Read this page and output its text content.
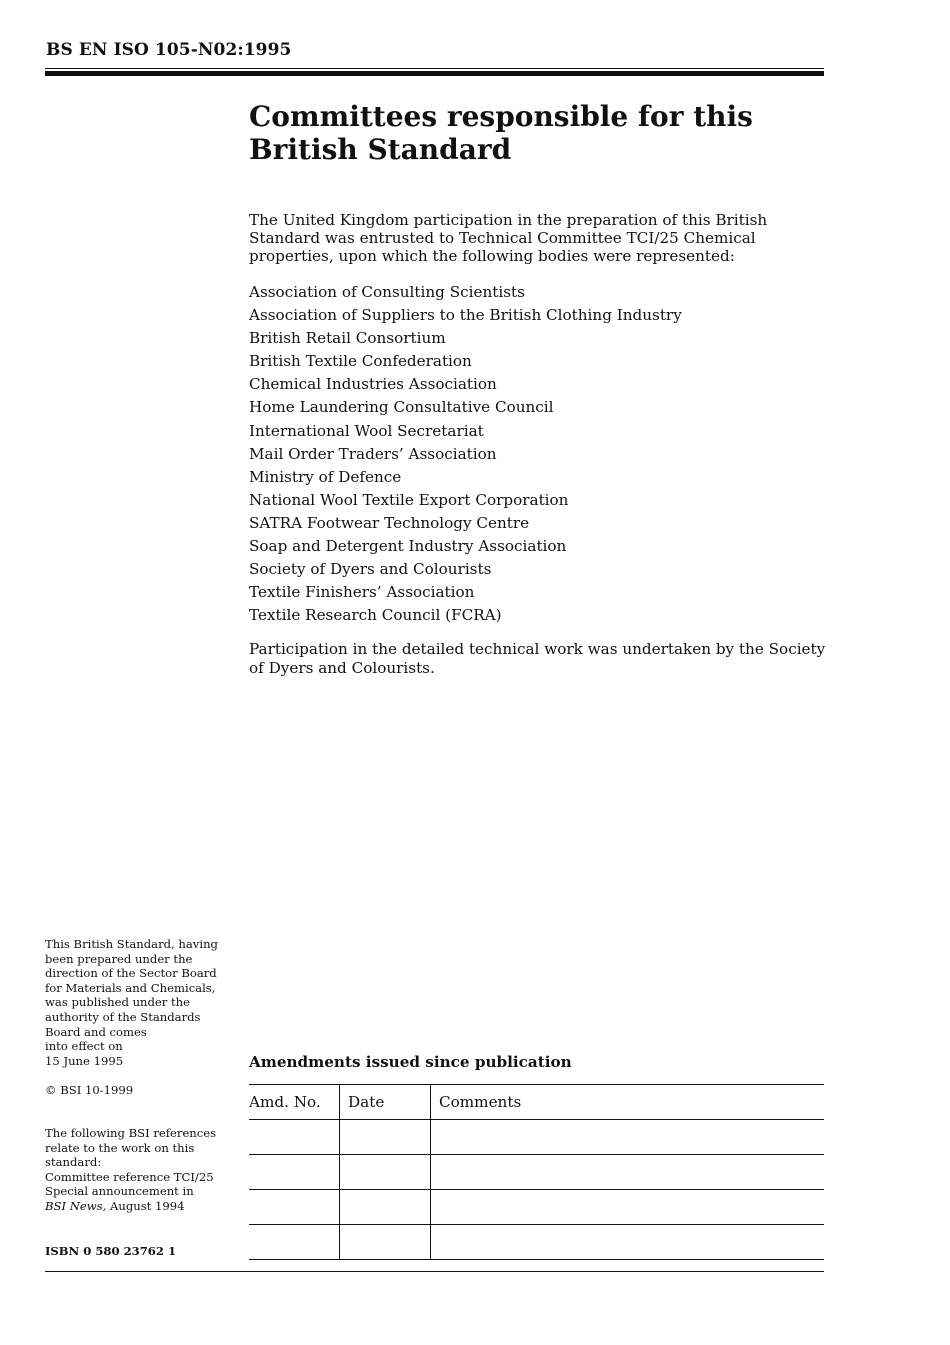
BS EN ISO 105-N02:1995
Committees responsible for this
British Standard

The United Kingdom participation in the preparation of this British Standard was entrusted to Technical Committee TCI/25 Chemical properties, upon which the following bodies were represented:

Association of Consulting Scientists
Association of Suppliers to the British Clothing Industry
British Retail Consortium
British Textile Confederation
Chemical Industries Association
Home Laundering Consultative Council
International Wool Secretariat
Mail Order Traders’ Association
Ministry of Defence
National Wool Textile Export Corporation
SATRA Footwear Technology Centre
Soap and Detergent Industry Association
Society of Dyers and Colourists
Textile Finishers’ Association
Textile Research Council (FCRA)

Participation in the detailed technical work was undertaken by the Society of Dyers and Colourists.

This British Standard, having
been prepared under the
direction of the Sector Board
for Materials and Chemicals,
was published under the
authority of the Standards
Board and comes
into effect on
15 June 1995

© BSI 10-1999

The following BSI references
relate to the work on this
standard:
Committee reference TCI/25
Special announcement in
BSI News, August 1994

ISBN 0 580 23762 1
Amendments issued since publication
Amd. No.	Date	Comments
